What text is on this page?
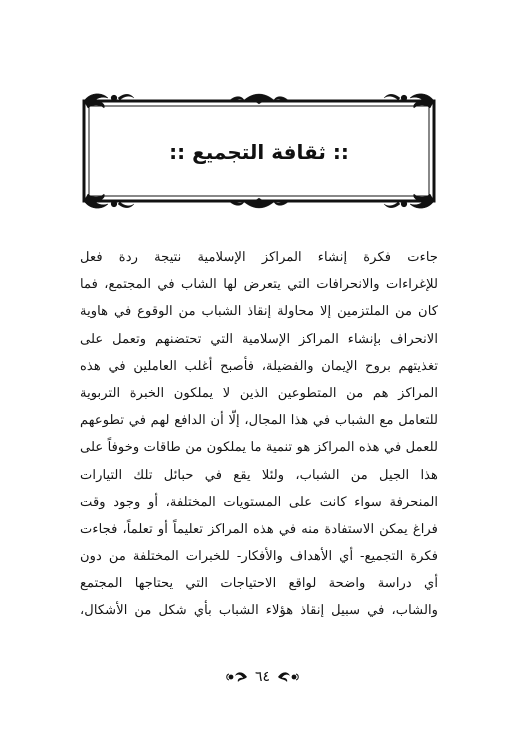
:: ثقافة التجميع ::
جاءت فكرة إنشاء المراكز الإسلامية نتيجة ردة فعل
للإغراءات والانحرافات التي يتعرض لها الشاب في المجتمع، فما
كان من الملتزمين إلا محاولة إنقاذ الشباب من الوقوع في هاوية
الانحراف بإنشاء المراكز الإسلامية التي تحتضنهم وتعمل على
تغذيتهم بروح الإيمان والفضيلة، فأصبح أغلب العاملين في هذه
المراكز هم من المتطوعين الذين لا يملكون الخبرة التربوية
للتعامل مع الشباب في هذا المجال، إلّا أن الدافع لهم في تطوعهم
للعمل في هذه المراكز هو تنمية ما يملكون من طاقات وخوفاً على
هذا الجيل من الشباب، ولئلا يقع في حبائل تلك التيارات
المنحرفة سواء كانت على المستويات المختلفة، أو وجود وقت
فراغ يمكن الاستفادة منه في هذه المراكز تعليماً أو تعلماً، فجاءت
فكرة التجميع- أي الأهداف والأفكار- للخبرات المختلفة من دون
أي دراسة واضحة لواقع الاحتياجات التي يحتاجها المجتمع
والشاب، في سبيل إنقاذ هؤلاء الشباب بأي شكل من الأشكال،
٦٤
